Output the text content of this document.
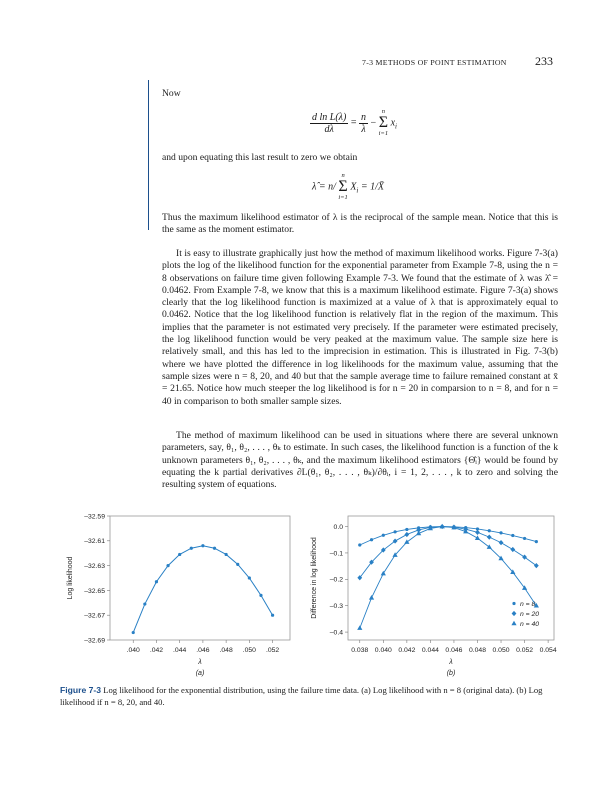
7-3 METHODS OF POINT ESTIMATION 233

Now

$\frac{\text{d ln L(λ)}}{d\lambda} = \frac{n}{\lambda}$ −
n
Σ
i=1
$x_i$

and upon equating this last result to zero we obtain

λ̂ = n/
n
Σ
i=1
$X_i$ = 1/X̄

Thus the maximum likelihood estimator of λ is the reciprocal of the sample mean. Notice that this is the same as the moment estimator.

It is easy to illustrate graphically just how the method of maximum likelihood works. Figure 7-3(a) plots the log of the likelihood function for the exponential parameter from Example 7-8, using the n = 8 observations on failure time given following Example 7-3. We found that the estimate of λ was λ̂ = 0.0462. From Example 7-8, we know that this is a maximum likelihood estimate. Figure 7-3(a) shows clearly that the log likelihood function is maximized at a value of λ that is approximately equal to 0.0462. Notice that the log likelihood function is relatively flat in the region of the maximum. This implies that the parameter is not estimated very precisely. If the parameter were estimated precisely, the log likelihood function would be very peaked at the maximum value. The sample size here is relatively small, and this has led to the imprecision in estimation. This is illustrated in Fig. 7-3(b) where we have plotted the difference in log likelihoods for the maximum value, assuming that the sample sizes were n = 8, 20, and 40 but that the sample average time to failure remained constant at x̄ = 21.65. Notice how much steeper the log likelihood is for n = 20 in comparsion to n = 8, and for n = 40 in comparison to both smaller sample sizes.

The method of maximum likelihood can be used in situations where there are several unknown parameters, say, θ₁, θ₂, . . . , θₖ to estimate. In such cases, the likelihood function is a function of the k unknown parameters θ₁, θ₂, . . . , θₖ, and the maximum likelihood estimators {Θ̂ᵢ} would be found by equating the k partial derivatives ∂L(θ₁, θ₂, . . . , θₖ)/∂θᵢ, i = 1, 2, . . . , k to zero and solving the resulting system of equations.

.040 .042 .044 .046 .048 .050 .052
–32.59
–32.61
–32.63
–32.65
–32.67
–32.69
λ
(a)
Log likelihood
0.038 0.040 0.042 0.044 0.046 0.048 0.050 0.052 0.054
0.0
–0.1
–0.2
–0.3
–0.4
λ
(b)
Difference in log likelihood	n = 8
n = 20
n = 40

Figure 7-3 Log likelihood for the exponential distribution, using the failure time data. (a) Log likelihood with n = 8 (original data). (b) Log likelihood if n = 8, 20, and 40.
